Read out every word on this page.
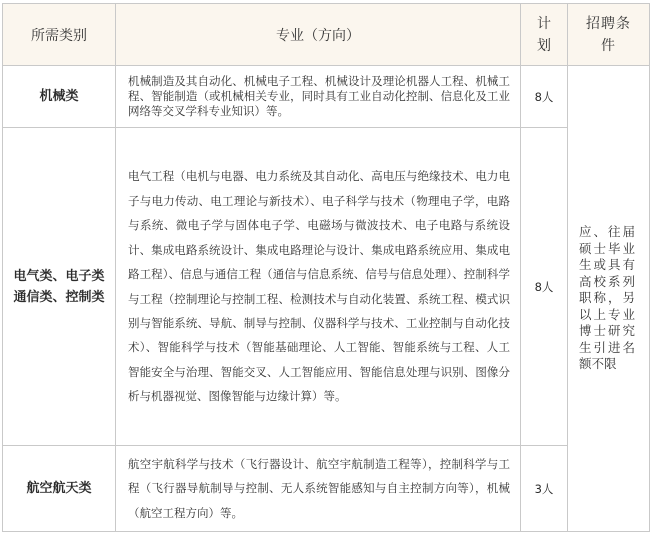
所需类别	专业（方向）	计划	招聘条件

机械类	机械制造及其自动化、机械电子工程、机械设计及理论机器人工程、机械工程、智能制造（或机械相关专业，同时具有工业自动化控制、信息化及工业网络等交叉学科专业知识）等。	8人	应、往届硕士毕业生或具有高校系列职称，另以上专业博士研究生引进名额不限
电气类、电子类通信类、控制类	电气工程（电机与电器、电力系统及其自动化、高电压与绝缘技术、电力电子与电力传动、电工理论与新技术）、电子科学与技术（物理电子学，电路与系统、微电子学与固体电子学、电磁场与微波技术、电子电路与系统设计、集成电路系统设计、集成电路理论与设计、集成电路系统应用、集成电路工程）、信息与通信工程（通信与信息系统、信号与信息处理）、控制科学与工程（控制理论与控制工程、检测技术与自动化装置、系统工程、模式识别与智能系统、导航、制导与控制、仪器科学与技术、工业控制与自动化技术）、智能科学与技术（智能基础理论、人工智能、智能系统与工程、人工智能安全与治理、智能交叉、人工智能应用、智能信息处理与识别、图像分析与机器视觉、图像智能与边缘计算）等。	8人	
航空航天类	航空宇航科学与技术（飞行器设计、航空宇航制造工程等），控制科学与工程（飞行器导航制导与控制、无人系统智能感知与自主控制方向等），机械（航空工程方向）等。	3人	
